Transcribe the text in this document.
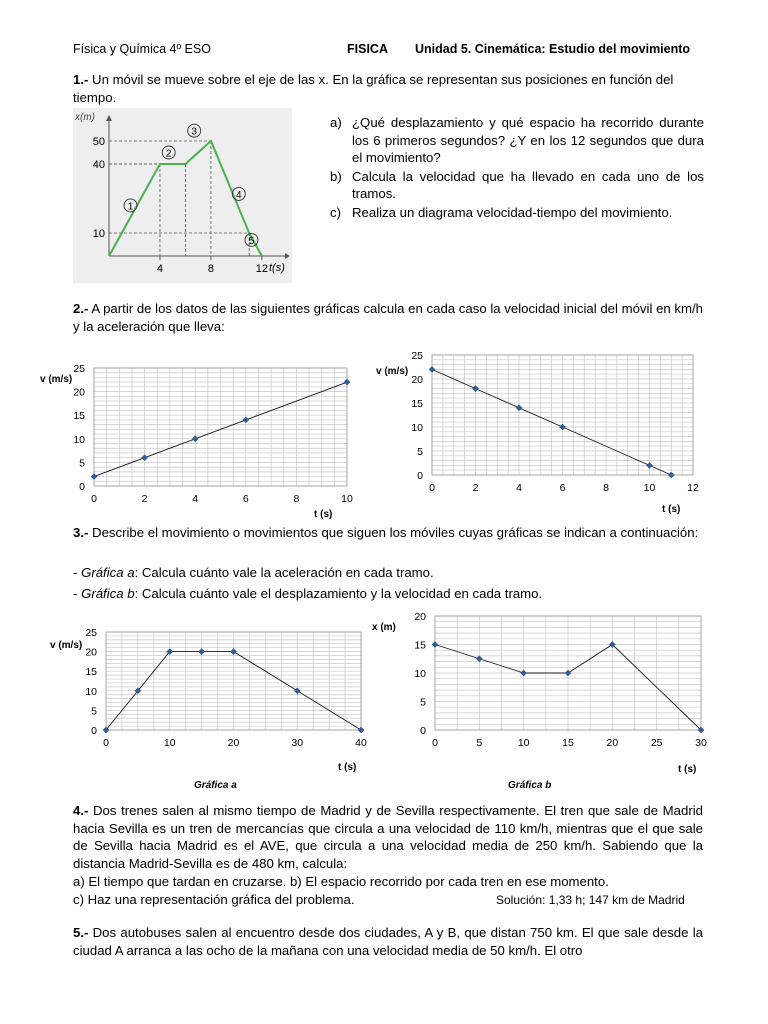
Física y Química 4º ESO	FISICA Unidad 5. Cinemática: Estudio del movimiento
1.- Un móvil se mueve sobre el eje de las x. En la gráfica se representan sus posiciones en función del tiempo.
4	8	12
10
40
50
1
2
3
4
5
x(m)
t(s)
a) ¿Qué desplazamiento y qué espacio ha recorrido durante los 6 primeros segundos? ¿Y en los 12 segundos que dura el movimiento?
b) Calcula la velocidad que ha llevado en cada uno de los tramos.
c) Realiza un diagrama velocidad-tiempo del movimiento.
2.- A partir de los datos de las siguientes gráficas calcula en cada caso la velocidad inicial del móvil en km/h y la aceleración que lleva:
0	2	4	6	8	10
0
5
10
15
20
25
t (s)
v (m/s)
0	2	4	6	8	10	12
0
5
10
15
20
25
t (s)
v (m/s)
3.- Describe el movimiento o movimientos que siguen los móviles cuyas gráficas se indican a continuación:
- Gráfica a: Calcula cuánto vale la aceleración en cada tramo.
- Gráfica b: Calcula cuánto vale el desplazamiento y la velocidad en cada tramo.
0	10	20	30	40
0
5
10
15
20
25
t (s)
v (m/s)
Gráfica a
0	5	10	15	20	25	30
0
5
10
15
20
t (s)
x (m)
Gráfica b
4.- Dos trenes salen al mismo tiempo de Madrid y de Sevilla respectivamente. El tren que sale de Madrid hacia Sevilla es un tren de mercancías que circula a una velocidad de 110 km/h, mientras que el que sale de Sevilla hacia Madrid es el AVE, que circula a una velocidad media de 250 km/h. Sabiendo que la distancia Madrid-Sevilla es de 480 km, calcula:
a) El tiempo que tardan en cruzarse. b) El espacio recorrido por cada tren en ese momento.
c) Haz una representación gráfica del problema.	Solución: 1,33 h; 147 km de Madrid
5.- Dos autobuses salen al encuentro desde dos ciudades, A y B, que distan 750 km. El que sale desde la ciudad A arranca a las ocho de la mañana con una velocidad media de 50 km/h. El otro
